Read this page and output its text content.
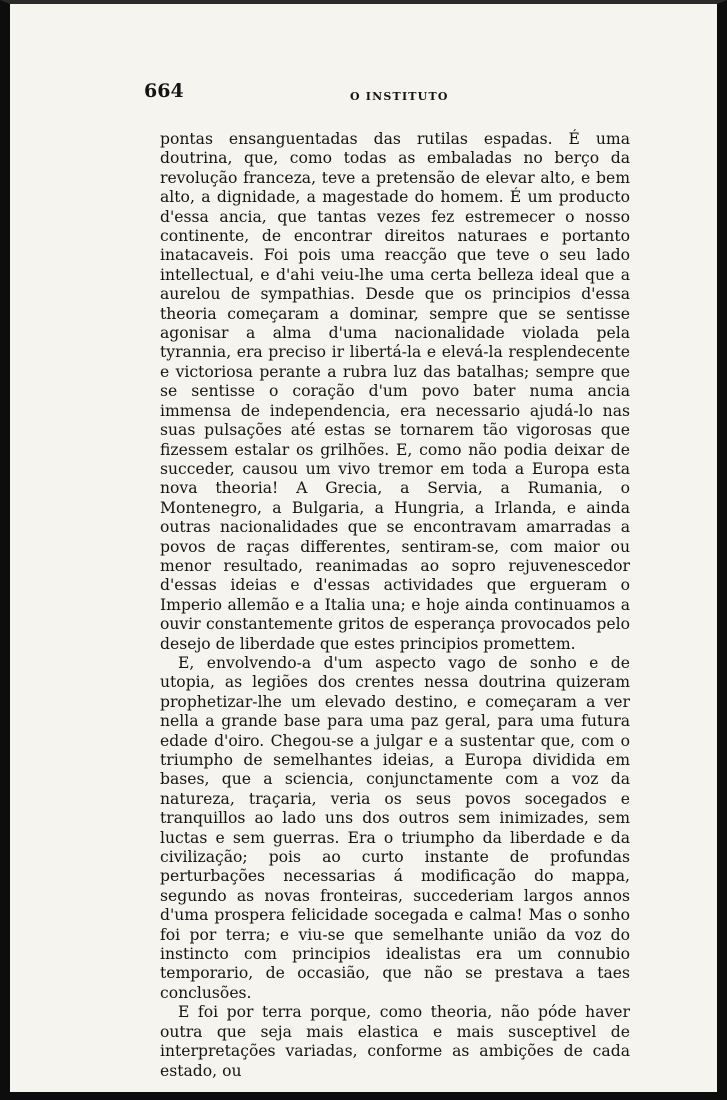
664	O INSTITUTO

pontas ensanguentadas das rutilas espadas. É uma doutrina, que, como todas as embaladas no berço da revolução franceza, teve a pretensão de elevar alto, e bem alto, a dignidade, a magestade do homem. É um producto d'essa ancia, que tantas vezes fez estremecer o nosso continente, de encontrar direitos naturaes e portanto inatacaveis. Foi pois uma reacção que teve o seu lado intellectual, e d'ahi veiu-lhe uma certa belleza ideal que a aurelou de sympathias. Desde que os principios d'essa theoria começaram a dominar, sempre que se sentisse agonisar a alma d'uma nacionalidade violada pela tyrannia, era preciso ir libertá-la e elevá-la resplendecente e victoriosa perante a rubra luz das batalhas; sempre que se sentisse o coração d'um povo bater numa ancia immensa de independencia, era necessario ajudá-lo nas suas pulsações até estas se tornarem tão vigorosas que fizessem estalar os grilhões. E, como não podia deixar de succeder, causou um vivo tremor em toda a Europa esta nova theoria! A Grecia, a Servia, a Rumania, o Montenegro, a Bulgaria, a Hungria, a Irlanda, e ainda outras nacionalidades que se encontravam amarradas a povos de raças differentes, sentiram-se, com maior ou menor resultado, reanimadas ao sopro rejuvenescedor d'essas ideias e d'essas actividades que ergueram o Imperio allemão e a Italia una; e hoje ainda continuamos a ouvir constantemente gritos de esperança provocados pelo desejo de liberdade que estes principios promettem.

E, envolvendo-a d'um aspecto vago de sonho e de utopia, as legiões dos crentes nessa doutrina quizeram prophetizar-lhe um elevado destino, e começaram a ver nella a grande base para uma paz geral, para uma futura edade d'oiro. Chegou-se a julgar e a sustentar que, com o triumpho de semelhantes ideias, a Europa dividida em bases, que a sciencia, conjunctamente com a voz da natureza, traçaria, veria os seus povos socegados e tranquillos ao lado uns dos outros sem inimizades, sem luctas e sem guerras. Era o triumpho da liberdade e da civilização; pois ao curto instante de profundas perturbações necessarias á modificação do mappa, segundo as novas fronteiras, succederiam largos annos d'uma prospera felicidade socegada e calma! Mas o sonho foi por terra; e viu-se que semelhante união da voz do instincto com principios idealistas era um connubio temporario, de occasião, que não se prestava a taes conclusões.

E foi por terra porque, como theoria, não póde haver outra que seja mais elastica e mais susceptivel de interpretações variadas, conforme as ambições de cada estado, ou
